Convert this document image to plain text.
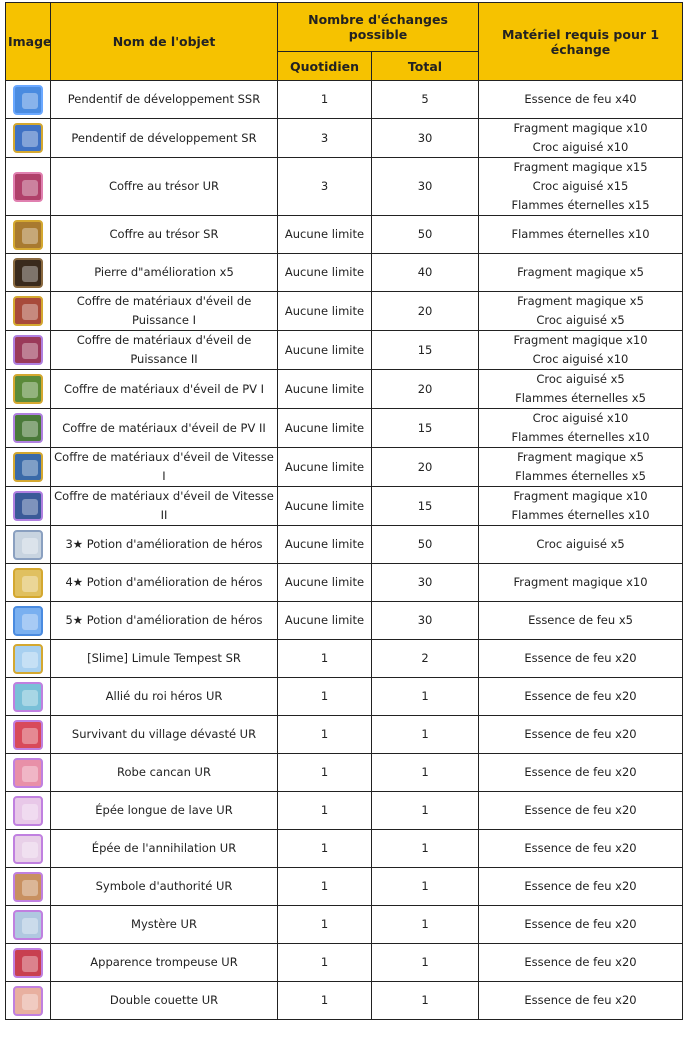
Image	Nom de l'objet	Nombre d'échanges possible		Matériel requis pour 1 échange
		Quotidien	Total	
	Pendentif de développement SSR	1	5	Essence de feu x40

	Pendentif de développement SR	3	30	Fragment magique x10
Croc aiguisé x10

	Coffre au trésor UR	3	30	Fragment magique x15
Croc aiguisé x15
Flammes éternelles x15

	Coffre au trésor SR	Aucune limite	50	Flammes éternelles x10

	Pierre d"amélioration x5	Aucune limite	40	Fragment magique x5

	Coffre de matériaux d'éveil de Puissance I	Aucune limite	20	Fragment magique x5
Croc aiguisé x5

	Coffre de matériaux d'éveil de Puissance II	Aucune limite	15	Fragment magique x10
Croc aiguisé x10

	Coffre de matériaux d'éveil de PV I	Aucune limite	20	Croc aiguisé x5
Flammes éternelles x5

	Coffre de matériaux d'éveil de PV II	Aucune limite	15	Croc aiguisé x10
Flammes éternelles x10

	Coffre de matériaux d'éveil de Vitesse I	Aucune limite	20	Fragment magique x5
Flammes éternelles x5

	Coffre de matériaux d'éveil de Vitesse II	Aucune limite	15	Fragment magique x10
Flammes éternelles x10

	3★ Potion d'amélioration de héros	Aucune limite	50	Croc aiguisé x5

	4★ Potion d'amélioration de héros	Aucune limite	30	Fragment magique x10

	5★ Potion d'amélioration de héros	Aucune limite	30	Essence de feu x5

	[Slime] Limule Tempest SR	1	2	Essence de feu x20

	Allié du roi héros UR	1	1	Essence de feu x20

	Survivant du village dévasté UR	1	1	Essence de feu x20

	Robe cancan UR	1	1	Essence de feu x20

	Épée longue de lave UR	1	1	Essence de feu x20

	Épée de l'annihilation UR	1	1	Essence de feu x20

	Symbole d'authorité UR	1	1	Essence de feu x20

	Mystère UR	1	1	Essence de feu x20

	Apparence trompeuse UR	1	1	Essence de feu x20

	Double couette UR	1	1	Essence de feu x20
